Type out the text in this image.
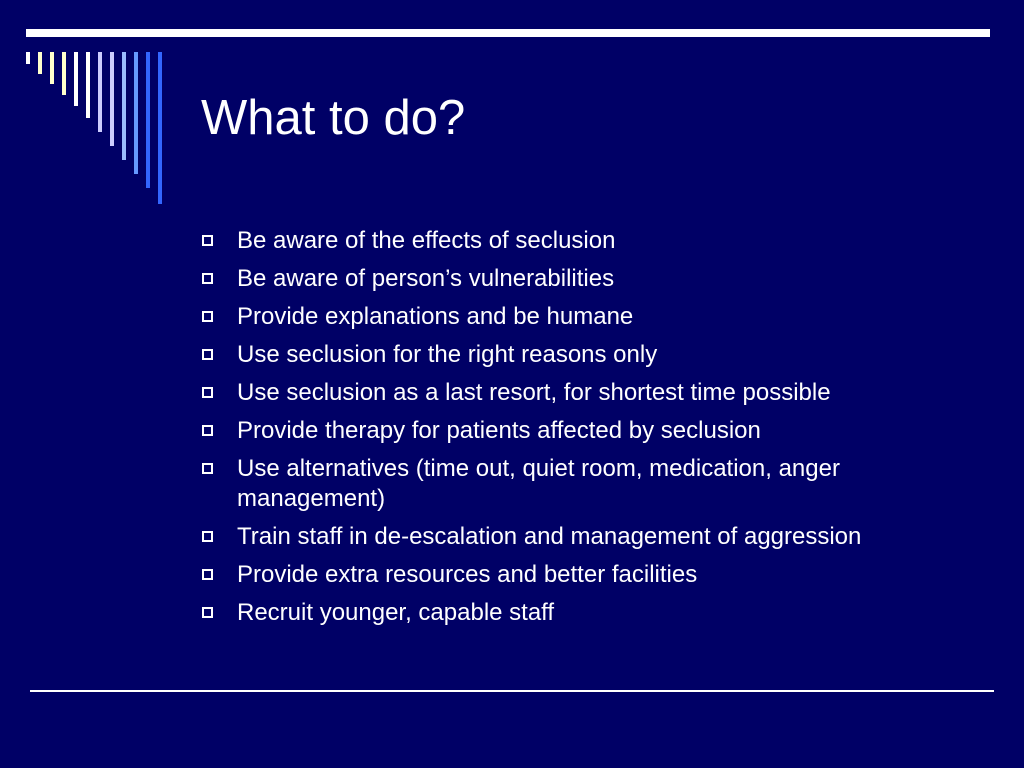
What to do?
Be aware of the effects of seclusion
Be aware of person’s vulnerabilities
Provide explanations and be humane
Use seclusion for the right reasons only
Use seclusion as a last resort, for shortest time possible
Provide therapy for patients affected by seclusion
Use alternatives (time out, quiet room, medication, anger management)
Train staff in de-escalation and management of aggression
Provide extra resources and better facilities
Recruit younger, capable staff
